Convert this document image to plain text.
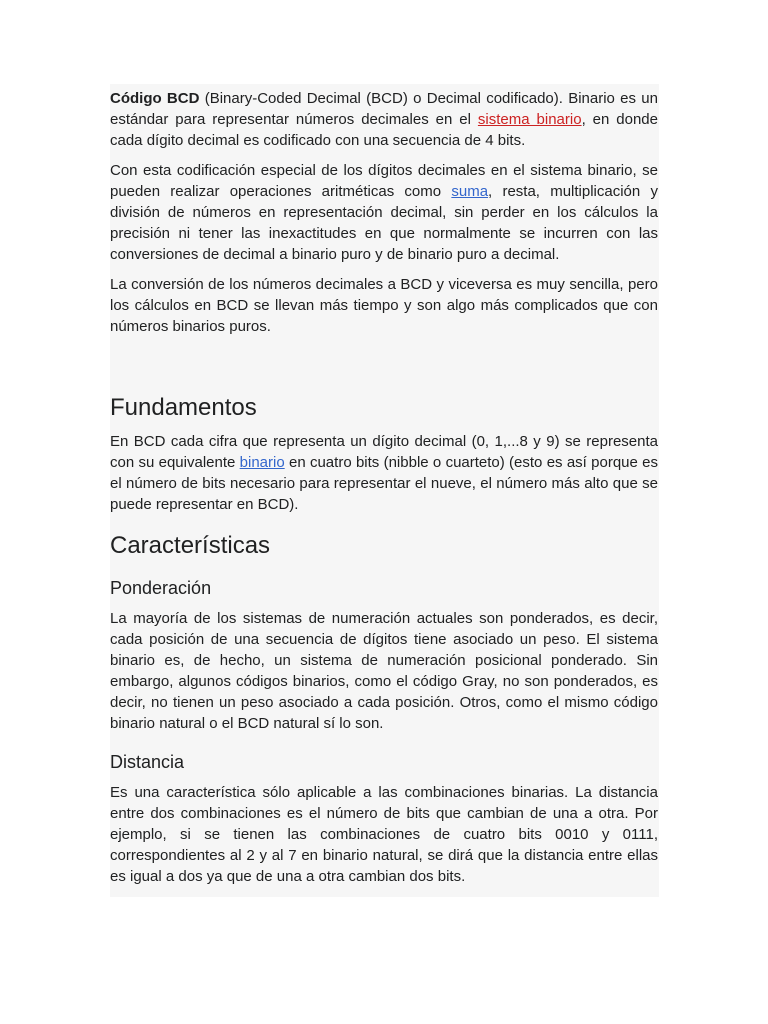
Código BCD (Binary-Coded Decimal (BCD) o Decimal codificado). Binario es un estándar para representar números decimales en el sistema binario, en donde cada dígito decimal es codificado con una secuencia de 4 bits.

Con esta codificación especial de los dígitos decimales en el sistema binario, se pueden realizar operaciones aritméticas como suma, resta, multiplicación y división de números en representación decimal, sin perder en los cálculos la precisión ni tener las inexactitudes en que normalmente se incurren con las conversiones de decimal a binario puro y de binario puro a decimal.

La conversión de los números decimales a BCD y viceversa es muy sencilla, pero los cálculos en BCD se llevan más tiempo y son algo más complicados que con números binarios puros.

Fundamentos

En BCD cada cifra que representa un dígito decimal (0, 1,...8 y 9) se representa con su equivalente binario en cuatro bits (nibble o cuarteto) (esto es así porque es el número de bits necesario para representar el nueve, el número más alto que se puede representar en BCD).

Características
Ponderación

La mayoría de los sistemas de numeración actuales son ponderados, es decir, cada posición de una secuencia de dígitos tiene asociado un peso. El sistema binario es, de hecho, un sistema de numeración posicional ponderado. Sin embargo, algunos códigos binarios, como el código Gray, no son ponderados, es decir, no tienen un peso asociado a cada posición. Otros, como el mismo código binario natural o el BCD natural sí lo son.

Distancia

Es una característica sólo aplicable a las combinaciones binarias. La distancia entre dos combinaciones es el número de bits que cambian de una a otra. Por ejemplo, si se tienen las combinaciones de cuatro bits 0010 y 0111, correspondientes al 2 y al 7 en binario natural, se dirá que la distancia entre ellas es igual a dos ya que de una a otra cambian dos bits.
